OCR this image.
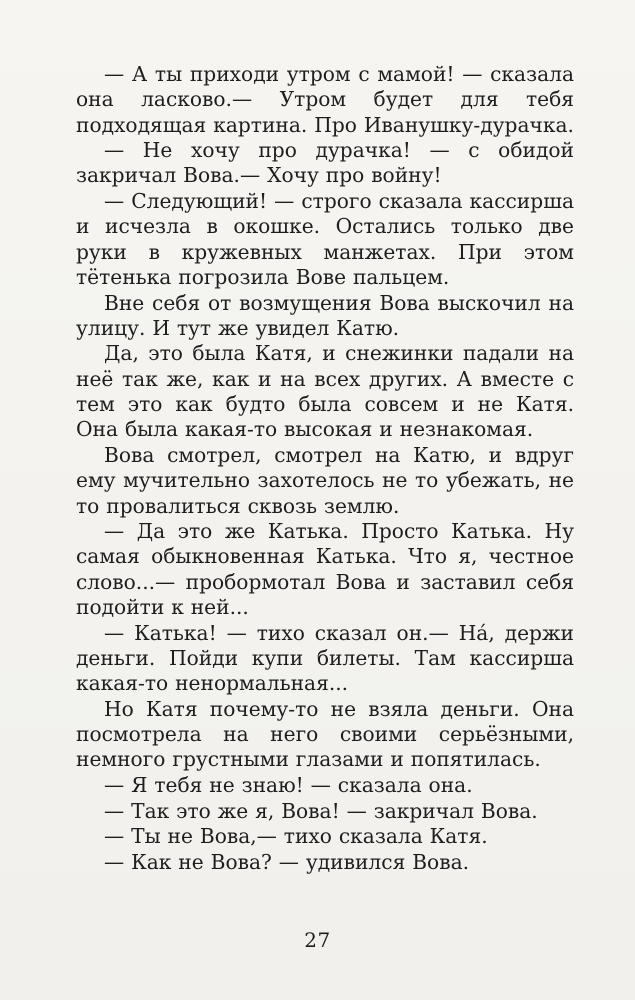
— А ты приходи утром с мамой! — сказала она ласково.— Утром будет для тебя подходящая картина. Про Иванушку-дурачка.

— Не хочу про дурачка! — с обидой закричал Вова.— Хочу про войну!

— Следующий! — строго сказала кассирша и исчезла в окошке. Остались только две руки в кружевных манжетах. При этом тётенька погрозила Вове пальцем.

Вне себя от возмущения Вова выскочил на улицу. И тут же увидел Катю.

Да, это была Катя, и снежинки падали на неё так же, как и на всех других. А вместе с тем это как будто была совсем и не Катя. Она была какая-то высокая и незнакомая.

Вова смотрел, смотрел на Катю, и вдруг ему мучительно захотелось не то убежать, не то провалиться сквозь землю.

— Да это же Катька. Просто Катька. Ну самая обыкновенная Катька. Что я, честное слово...— пробормотал Вова и заставил себя подойти к ней...

— Катька! — тихо сказал он.— На́, держи деньги. Пойди купи билеты. Там кассирша какая-то ненормальная...

Но Катя почему-то не взяла деньги. Она посмотрела на него своими серьёзными, немного грустными глазами и попятилась.

— Я тебя не знаю! — сказала она.

— Так это же я, Вова! — закричал Вова.

— Ты не Вова,— тихо сказала Катя.

— Как не Вова? — удивился Вова.

27
